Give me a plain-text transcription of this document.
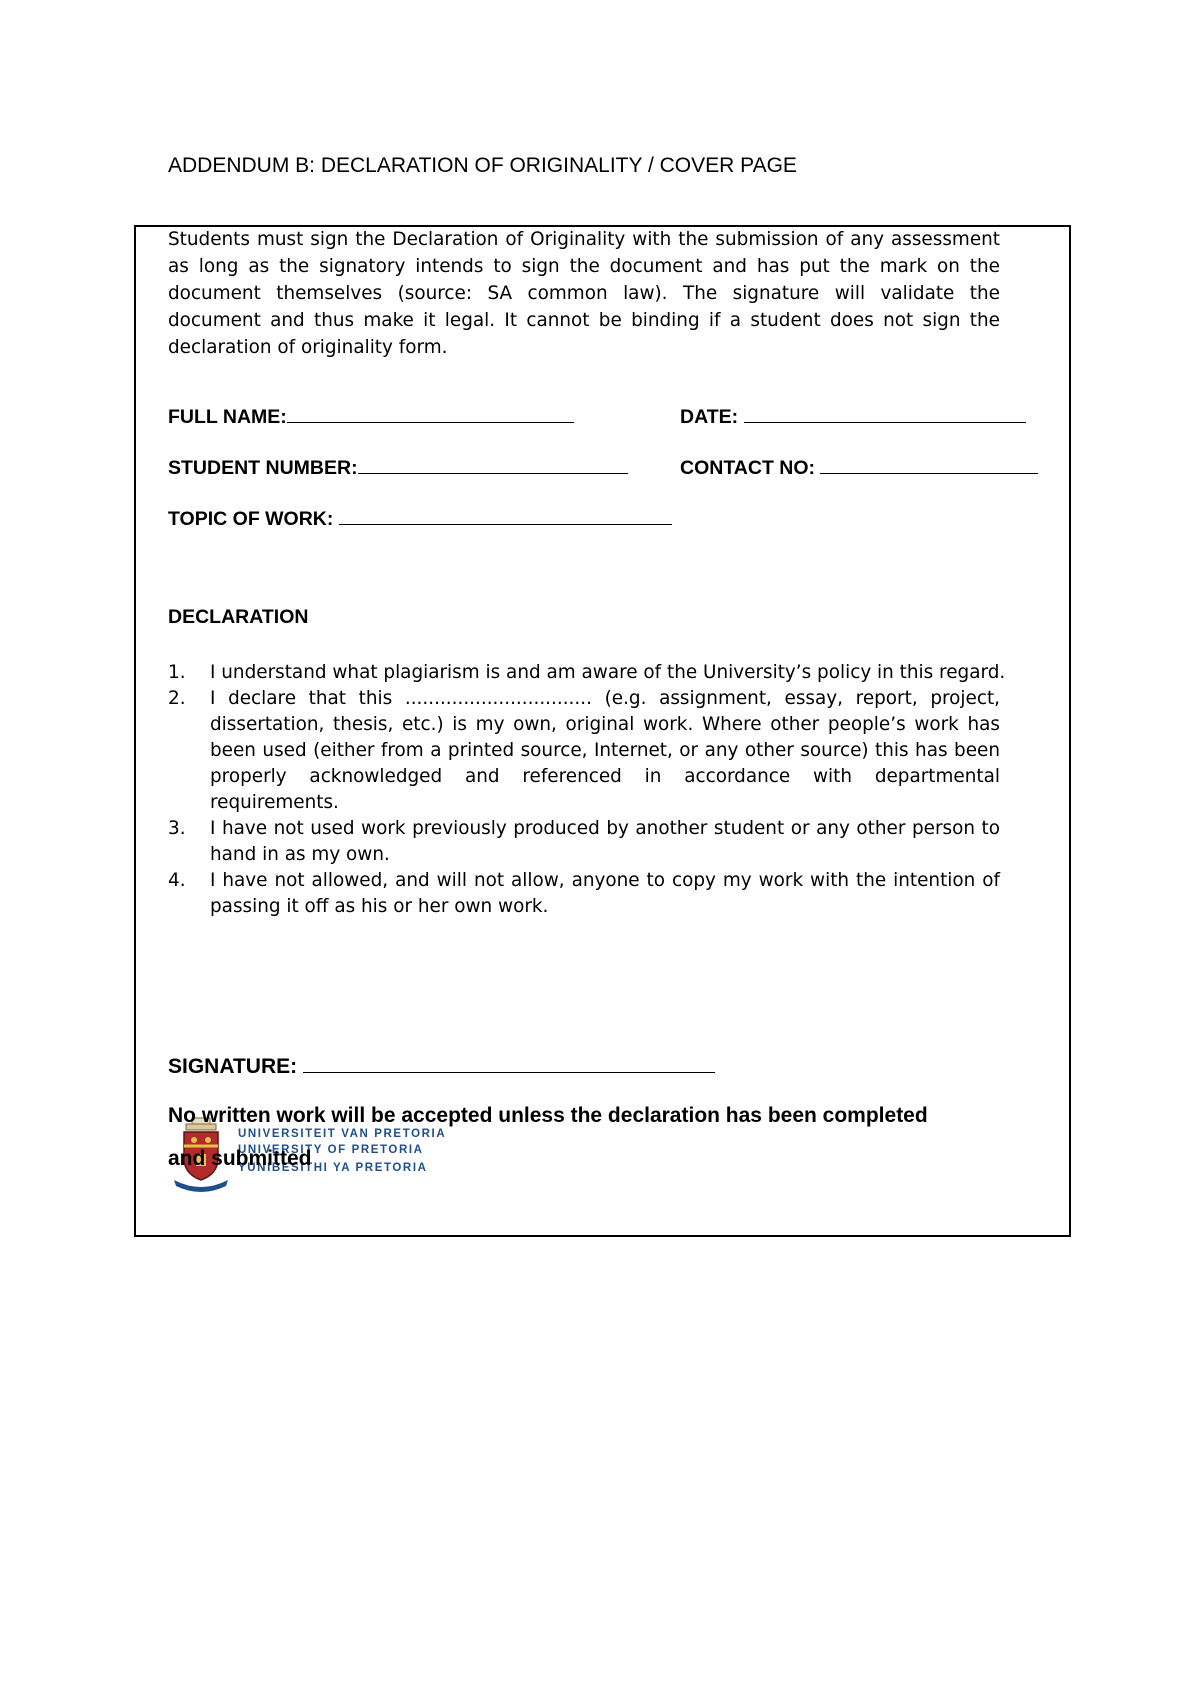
ADDENDUM B: DECLARATION OF ORIGINALITY / COVER PAGE

Students must sign the Declaration of Originality with the submission of any assessment as long as the signatory intends to sign the document and has put the mark on the document themselves (source: SA common law). The signature will validate the document and thus make it legal. It cannot be binding if a student does not sign the declaration of originality form.

FULL NAME:	DATE:
STUDENT NUMBER:	CONTACT NO:
TOPIC OF WORK:
DECLARATION
1. I understand what plagiarism is and am aware of the University’s policy in this regard.
2. I declare that this ................................ (e.g. assignment, essay, report, project, dissertation, thesis, etc.) is my own, original work. Where other people’s work has been used (either from a printed source, Internet, or any other source) this has been properly acknowledged and referenced in accordance with departmental requirements.
3. I have not used work previously produced by another student or any other person to hand in as my own.
4. I have not allowed, and will not allow, anyone to copy my work with the intention of passing it off as his or her own work.
SIGNATURE:
UNIVERSITEIT VAN PRETORIA
UNIVERSITY OF PRETORIA
YUNIBESITHI YA PRETORIA
No written work will be accepted unless the declaration has been completed and submitted
